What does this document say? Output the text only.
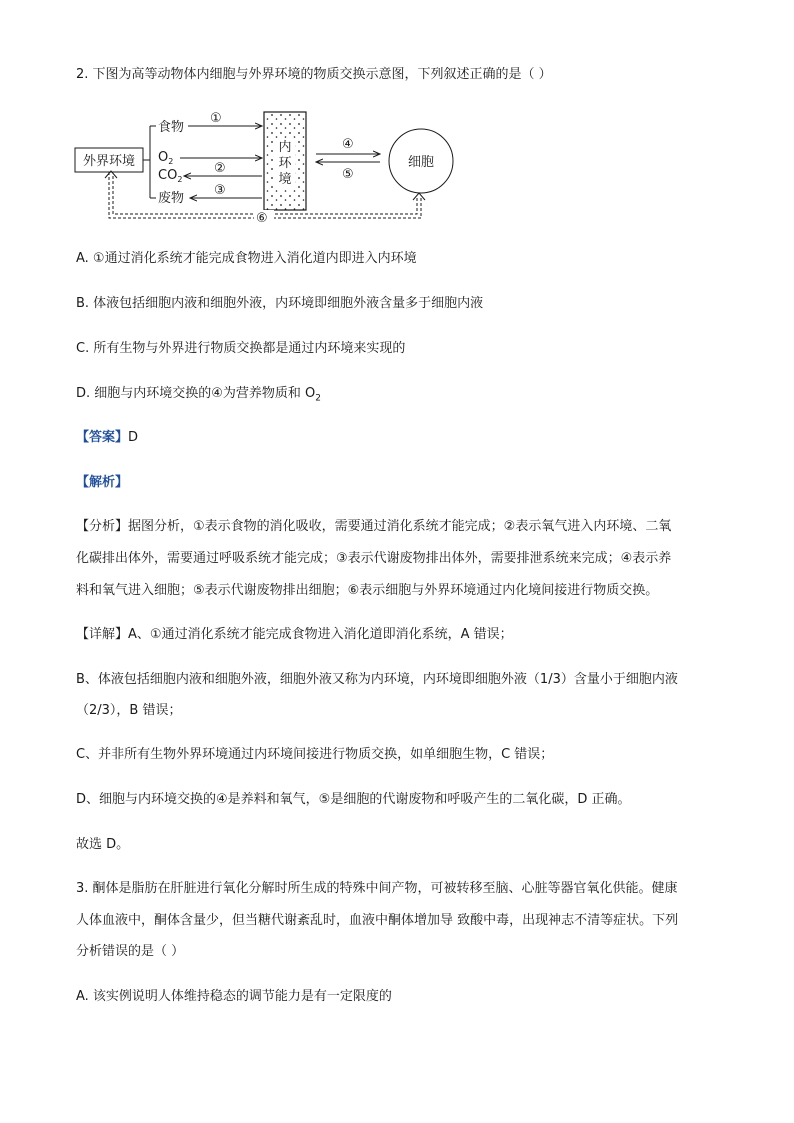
2. 下图为高等动物体内细胞与外界环境的物质交换示意图，下列叙述正确的是（ ）
外界环境
食物
$O_2$
$CO_2$
废物
①
②
③
内
环
境
④
⑤
细胞
⑥
A. ①通过消化系统才能完成食物进入消化道内即进入内环境
B. 体液包括细胞内液和细胞外液，内环境即细胞外液含量多于细胞内液
C. 所有生物与外界进行物质交换都是通过内环境来实现的
D. 细胞与内环境交换的④为营养物质和 $O_2$
【答案】D
【解析】
【分析】据图分析，①表示食物的消化吸收，需要通过消化系统才能完成；②表示氧气进入内环境、二氧
化碳排出体外，需要通过呼吸系统才能完成；③表示代谢废物排出体外，需要排泄系统来完成；④表示养
料和氧气进入细胞；⑤表示代谢废物排出细胞；⑥表示细胞与外界环境通过内化境间接进行物质交换。
【详解】A、①通过消化系统才能完成食物进入消化道即消化系统，A 错误；
B、体液包括细胞内液和细胞外液，细胞外液又称为内环境，内环境即细胞外液（1/3）含量小于细胞内液
（2/3），B 错误；
C、并非所有生物外界环境通过内环境间接进行物质交换，如单细胞生物，C 错误；
D、细胞与内环境交换的④是养料和氧气，⑤是细胞的代谢废物和呼吸产生的二氧化碳，D 正确。
故选 D。
3. 酮体是脂肪在肝脏进行氧化分解时所生成的特殊中间产物，可被转移至脑、心脏等器官氧化供能。健康
人体血液中，酮体含量少，但当糖代谢紊乱时，血液中酮体增加导 致酸中毒，出现神志不清等症状。下列
分析错误的是（ ）
A. 该实例说明人体维持稳态的调节能力是有一定限度的
